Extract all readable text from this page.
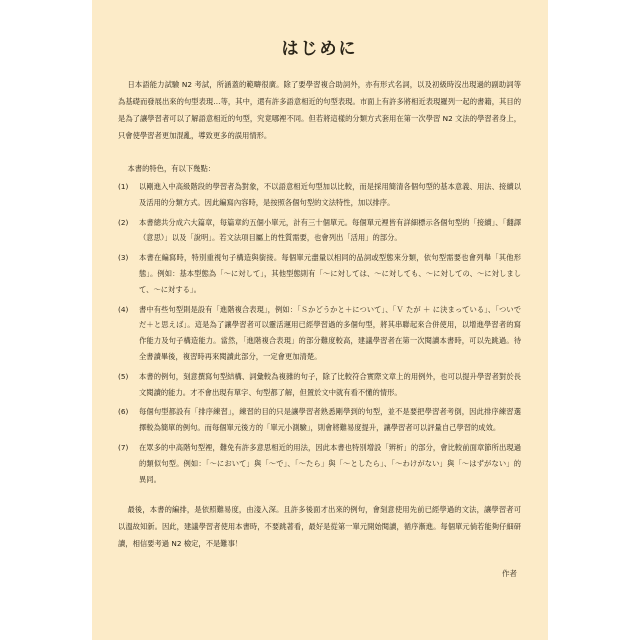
はじめに

日本語能力試驗 N2 考試，所涵蓋的範疇很廣。除了要學習複合助詞外，亦有形式名詞，以及初級時沒出現過的副助詞等為基礎而發展出來的句型表現…等，其中，還有許多語意相近的句型表現。市面上有許多將相近表現羅列一起的書籍，其目的是為了讓學習者可以了解語意相近的句型，究竟哪裡不同。但若將這樣的分類方式套用在第一次學習 N2 文法的學習者身上，只會使學習者更加混亂，導致更多的誤用情形。

本書的特色，有以下幾點：

(1)	以剛進入中高級階段的學習者為對象，不以語意相近句型加以比較，而是採用簡清各個句型的基本意義、用法、接續以及活用的分類方式。因此編寫內容時，是按照各個句型的文法特性，加以排序。
(2)	本書總共分成六大篇章，每篇章約五個小單元，計有三十個單元。每個單元裡皆有詳細標示各個句型的「接續」、「翻譯（意思）」以及「說明」。若文法項目屬上的性質需要，也會列出「活用」的部分。
(3)	本書在編寫時，特別重視句子構造與銜接。每個單元盡量以相同的品詞或型態來分類，依句型需要也會列舉「其他形態」。例如：基本型態為「～に対して」，其他型態則有「～に対しては、～に対しても、～に対しての、～に対しまして、～に対する」。
(4)	書中有些句型則是設有「進階複合表現」，例如：「Ｓかどうかと＋について」、「Ｖ たが ＋ に決まっている」、「ついでだ＋と思えば」。這是為了讓學習者可以靈活運用已經學習過的多個句型，將其串聯起來合併使用，以增進學習者的寫作能力及句子構造能力。當然，「進階複合表現」的部分難度較高，建議學習者在第一次閱讀本書時，可以先跳過。待全書讀畢後，複習時再來閱讀此部分，一定會更加清楚。
(5)	本書的例句，刻意撰寫句型結構、詞彙較為複雜的句子，除了比較符合實際文章上的用例外，也可以提升學習者對於長文閱讀的能力。才不會出現有單字、句型都了解，但置於文中就有看不懂的情形。
(6)	每個句型都設有「排序練習」，練習的目的只是讓學習者熟悉剛學到的句型，並不是要把學習者考倒，因此排序練習選擇較為簡單的例句。而每個單元後方的「單元小測驗」，則會將難易度提升，讓學習者可以評量自己學習的成效。
(7)	在眾多的中高階句型裡，難免有許多意思相近的用法，因此本書也特別增設「辨析」的部分，會比較前面章節所出現過的類似句型。例如：「～において」與「～で」、「～たら」與「～としたら」、「～わけがない」與「～はずがない」的異同。

最後，本書的編排，是依照難易度，由淺入深。且許多後面才出來的例句，會刻意使用先前已經學過的文法，讓學習者可以溫故知新。因此，建議學習者使用本書時，不要跳著看，最好是從第一單元開始閱讀，循序漸進。每個單元倘若能夠仔細研讀，相信要考過 N2 檢定，不是難事！

作者
